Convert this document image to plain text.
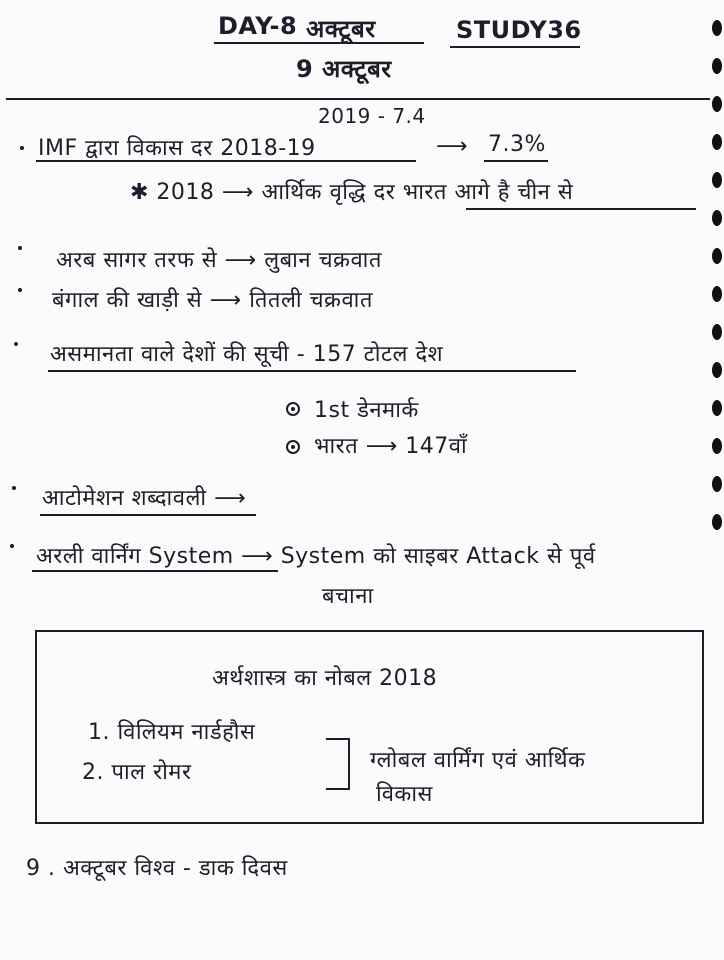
DAY-8 अक्टूबर	STUDY36
9 अक्टूबर
2019 - 7.4
IMF द्वारा विकास दर 2018-19	⟶ 7.3%
✱ 2018 ⟶ आर्थिक वृद्धि दर भारत आगे है चीन से
अरब सागर तरफ से ⟶ लुबान चक्रवात
बंगाल की खाड़ी से ⟶ तितली चक्रवात
असमानता वाले देशों की सूची - 157 टोटल देश
1st डेनमार्क
भारत ⟶ 147वाँ
आटोमेशन शब्दावली ⟶
अरली वार्निंग System ⟶ System को साइबर Attack से पूर्व
बचाना
अर्थशास्त्र का नोबल 2018
1. विलियम नार्डहौस
2. पाल रोमर	ग्लोबल वार्मिंग एवं आर्थिक
विकास
9 . अक्टूबर विश्व - डाक दिवस
